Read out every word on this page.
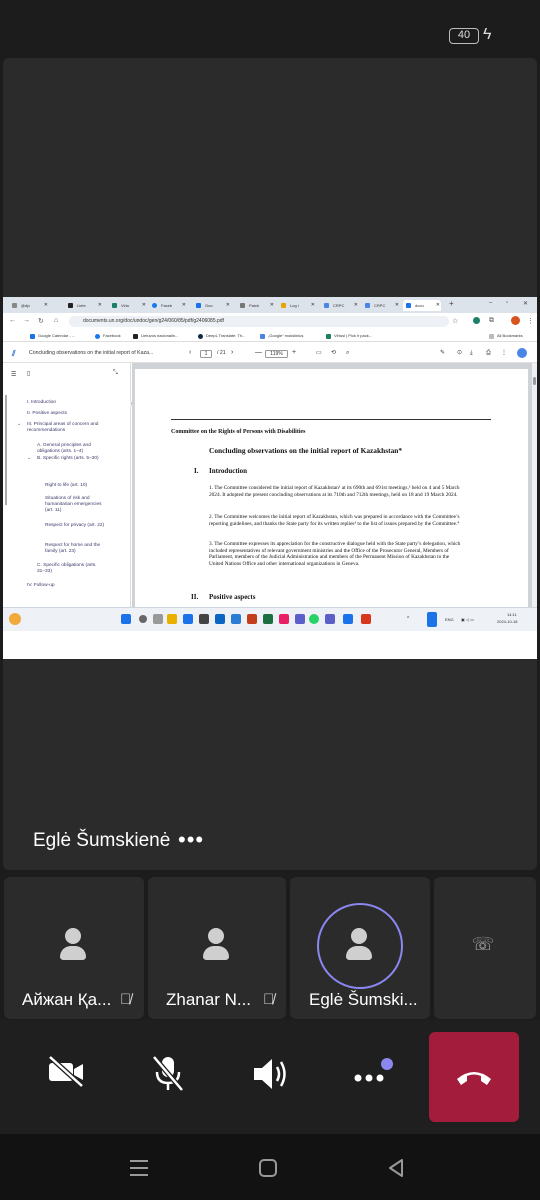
40 ϟ
@djv	✕	Liete ✕	Virtu	✕	Faceb ✕	Goo	✕	Patch ✕	Log i ✕	CRPC ✕	CRPC ✕	docu ✕ +	– ▫ ✕
← → ↻ ⌂	documents.un.org/doc/undoc/gen/g24/060/85/pdf/g2406085.pdf	☆	⧉	⋮
Google Calendar - ...	Facebook	Lietuvos nacionalin...	DeepL Translate: Th...	„Google“ mokslinius	Virtusl | Pick ir pack...	All Bookmarks
⫽	Concluding observations on the initial report of Kaza...	‹	1	/ 21 ›	—	119%	+	▭ ⟲ ⌕	✎ ⊙ ⤓ ⎙ ⋮
☰ ▯	⤡
I. Introduction
II. Positive aspects
⌄ III. Principal areas of concern and recommendations
A. General principles and obligations (arts. 1–4)
⌄ B. Specific rights (arts. 5–30)
Right to life (art. 10)
Situations of risk and humanitarian emergencies (art. 11)
Respect for privacy (art. 22)
Respect for home and the family (art. 23)
C. Specific obligations (arts. 31–33)
IV. Follow-up
Committee on the Rights of Persons with Disabilities
Concluding observations on the initial report of Kazakhstan*
I. Introduction
1. The Committee considered the initial report of Kazakhstan¹ at its 690th and 691st meetings,² held on 4 and 5 March 2024. It adopted the present concluding observations at its 710th and 712th meetings, held on 18 and 19 March 2024.
2. The Committee welcomes the initial report of Kazakhstan, which was prepared in accordance with the Committee’s reporting guidelines, and thanks the State party for its written replies³ to the list of issues prepared by the Committee.⁴
3. The Committee expresses its appreciation for the constructive dialogue held with the State party’s delegation, which included representatives of relevant government ministries and the Office of the Prosecutor General, Members of Parliament, members of the Judicial Administration and members of the Permanent Mission of Kazakhstan to the United Nations Office and other international organizations in Geneva.
II. Positive aspects
^	ENG ▣ ◁ ▭
14:11
2024-10-18
Eglė Šumskienė •••
Айжан Қа... 🎙̸ Zhanar N... 🎙̸ Eglė Šumski...
☏
